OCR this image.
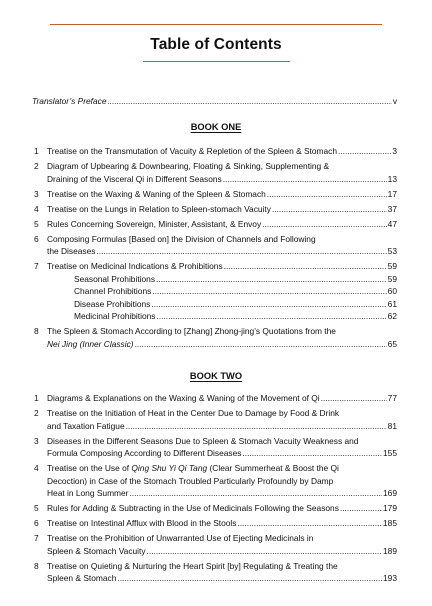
Table of Contents
Translator’s Preface .....	v
BOOK ONE
1 Treatise on the Transmutation of Vacuity & Repletion of the Spleen & Stomach .....	3
2 Diagram of Upbearing & Downbearing, Floating & Sinking, Supplementing &
Draining of the Visceral Qi in Different Seasons .....	13
3 Treatise on the Waxing & Waning of the Spleen & Stomach .....	17
4 Treatise on the Lungs in Relation to Spleen-stomach Vacuity .....	37
5 Rules Concerning Sovereign, Minister, Assistant, & Envoy .....	47
6 Composing Formulas [Based on] the Division of Channels and Following
the Diseases .....	53
7 Treatise on Medicinal Indications & Prohibitions .....	59
Seasonal Prohibitions .....	59
Channel Prohibitions .....	60
Disease Prohibitions .....	61
Medicinal Prohibitions .....	62
8 The Spleen & Stomach According to [Zhang] Zhong-jing’s Quotations from the
Nei Jing (Inner Classic) .....	65
BOOK TWO
1 Diagrams & Explanations on the Waxing & Waning of the Movement of Qi .....	77
2 Treatise on the Initiation of Heat in the Center Due to Damage by Food & Drink
and Taxation Fatigue .....	81
3 Diseases in the Different Seasons Due to Spleen & Stomach Vacuity Weakness and
Formula Composing According to Different Diseases .....	155
4 Treatise on the Use of Qing Shu Yi Qi Tang (Clear Summerheat & Boost the Qi
Decoction) in Case of the Stomach Troubled Particularly Profoundly by Damp
Heat in Long Summer .....	169
5 Rules for Adding & Subtracting in the Use of Medicinals Following the Seasons .....	179
6 Treatise on Intestinal Afflux with Blood in the Stools .....	185
7 Treatise on the Prohibition of Unwarranted Use of Ejecting Medicinals in
Spleen & Stomach Vacuity .....	189
8 Treatise on Quieting & Nurturing the Heart Spirit [by] Regulating & Treating the
Spleen & Stomach .....	193
